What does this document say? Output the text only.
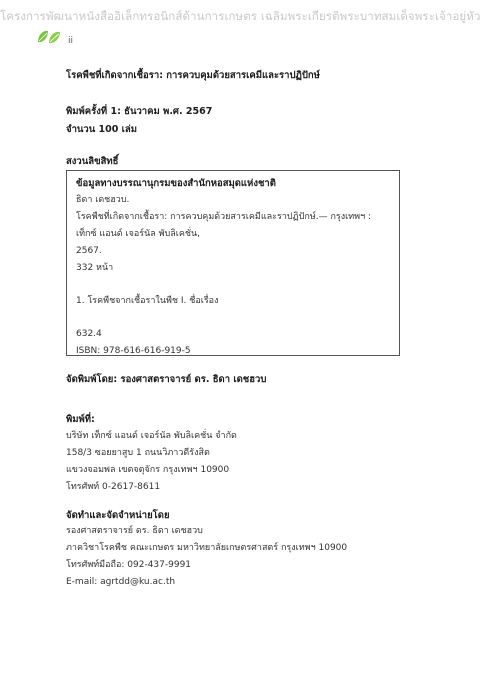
โครงการพัฒนาหนังสืออิเล็กทรอนิกส์ด้านการเกษตร เฉลิมพระเกียรติพระบาทสมเด็จพระเจ้าอยู่หัว
ii

โรคพืชที่เกิดจากเชื้อรา: การควบคุมด้วยสารเคมีและราปฏิปักษ์

พิมพ์ครั้งที่ 1: ธันวาคม พ.ศ. 2567

จำนวน 100 เล่ม

สงวนลิขสิทธิ์

ข้อมูลทางบรรณานุกรมของสำนักหอสมุดแห่งชาติ
ธิดา เดชฮวบ.
โรคพืชที่เกิดจากเชื้อรา: การควบคุมด้วยสารเคมีและราปฏิปักษ์.— กรุงเทพฯ :
เท็กซ์ แอนด์ เจอร์นัล พับลิเคชั่น,
2567.
332 หน้า
1. โรคพืชจากเชื้อราในพืช I. ชื่อเรื่อง
632.4
ISBN: 978-616-616-919-5

จัดพิมพ์โดย: รองศาสตราจารย์ ดร. ธิดา เดชฮวบ

พิมพ์ที่:

บริษัท เท็กซ์ แอนด์ เจอร์นัล พับลิเคชั่น จำกัด
158/3 ซอยยาสูบ 1 ถนนวิภาวดีรังสิต
แขวงจอมพล เขตจตุจักร กรุงเทพฯ 10900
โทรศัพท์ 0-2617-8611

จัดทำและจัดจำหน่ายโดย

รองศาสตราจารย์ ดร. ธิดา เดชฮวบ
ภาควิชาโรคพืช คณะเกษตร มหาวิทยาลัยเกษตรศาสตร์ กรุงเทพฯ 10900
โทรศัพท์มือถือ: 092-437-9991
E-mail: agrtdd@ku.ac.th
